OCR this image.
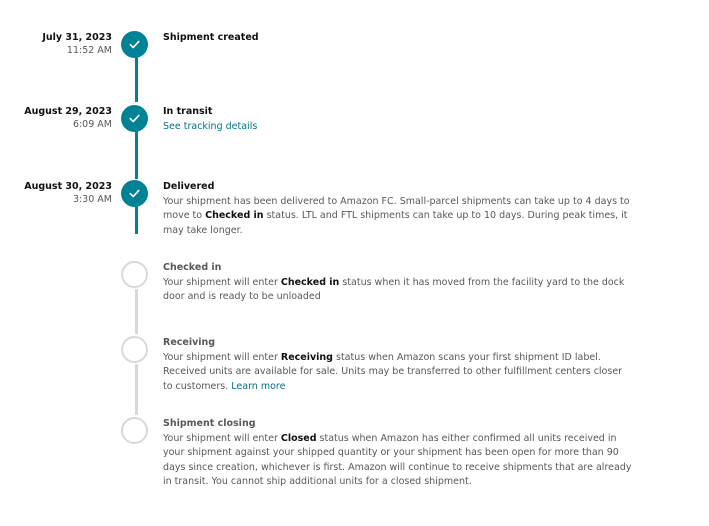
July 31, 2023
11:52 AM
Shipment created
August 29, 2023
6:09 AM
In transit
See tracking details
August 30, 2023
3:30 AM
Delivered
Your shipment has been delivered to Amazon FC. Small-parcel shipments can take up to 4 days to move to Checked in status. LTL and FTL shipments can take up to 10 days. During peak times, it may take longer.
Checked in
Your shipment will enter Checked in status when it has moved from the facility yard to the dock door and is ready to be unloaded
Receiving
Your shipment will enter Receiving status when Amazon scans your first shipment ID label. Received units are available for sale. Units may be transferred to other fulfillment centers closer to customers. Learn more
Shipment closing
Your shipment will enter Closed status when Amazon has either confirmed all units received in your shipment against your shipped quantity or your shipment has been open for more than 90 days since creation, whichever is first. Amazon will continue to receive shipments that are already in transit. You cannot ship additional units for a closed shipment.
